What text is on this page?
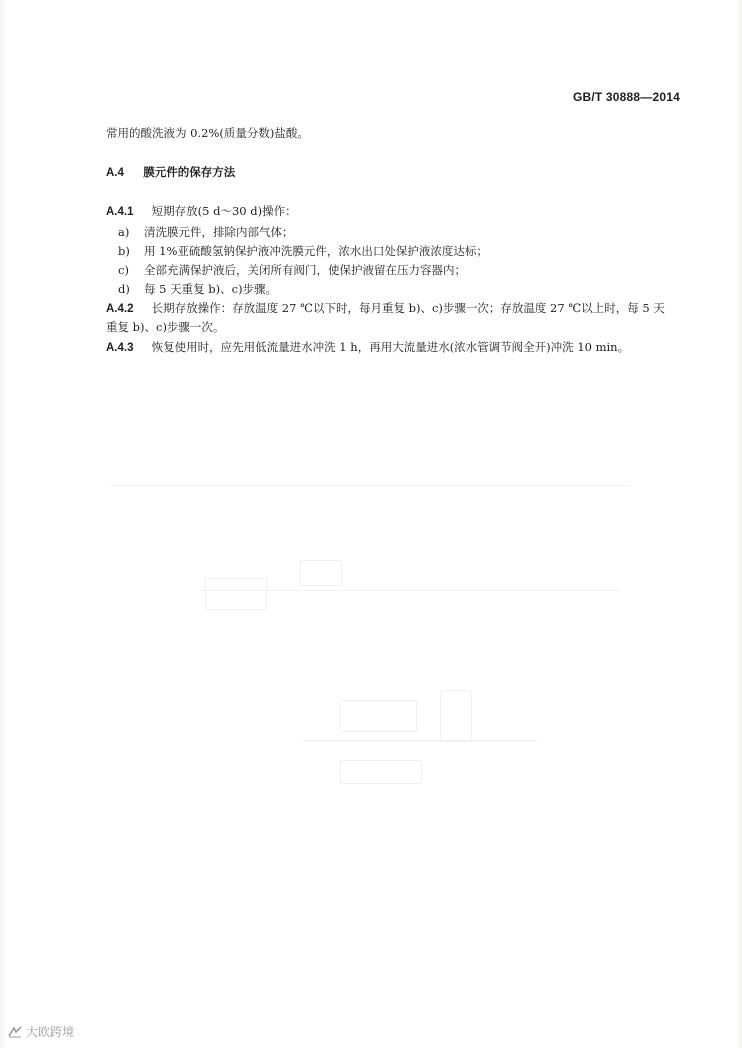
GB/T 30888—2014
常用的酸洗液为 0.2%(质量分数)盐酸。
A.4 膜元件的保存方法
A.4.1 短期存放(5 d～30 d)操作：
a) 清洗膜元件，排除内部气体；
b) 用 1%亚硫酸氢钠保护液冲洗膜元件，浓水出口处保护液浓度达标；
c) 全部充满保护液后，关闭所有阀门，使保护液留在压力容器内；
d) 每 5 天重复 b)、c)步骤。
A.4.2 长期存放操作：存放温度 27 ℃以下时，每月重复 b)、c)步骤一次；存放温度 27 ℃以上时，每 5 天
重复 b)、c)步骤一次。
A.4.3 恢复使用时，应先用低流量进水冲洗 1 h，再用大流量进水(浓水管调节阀全开)冲洗 10 min。
大欧跨境
